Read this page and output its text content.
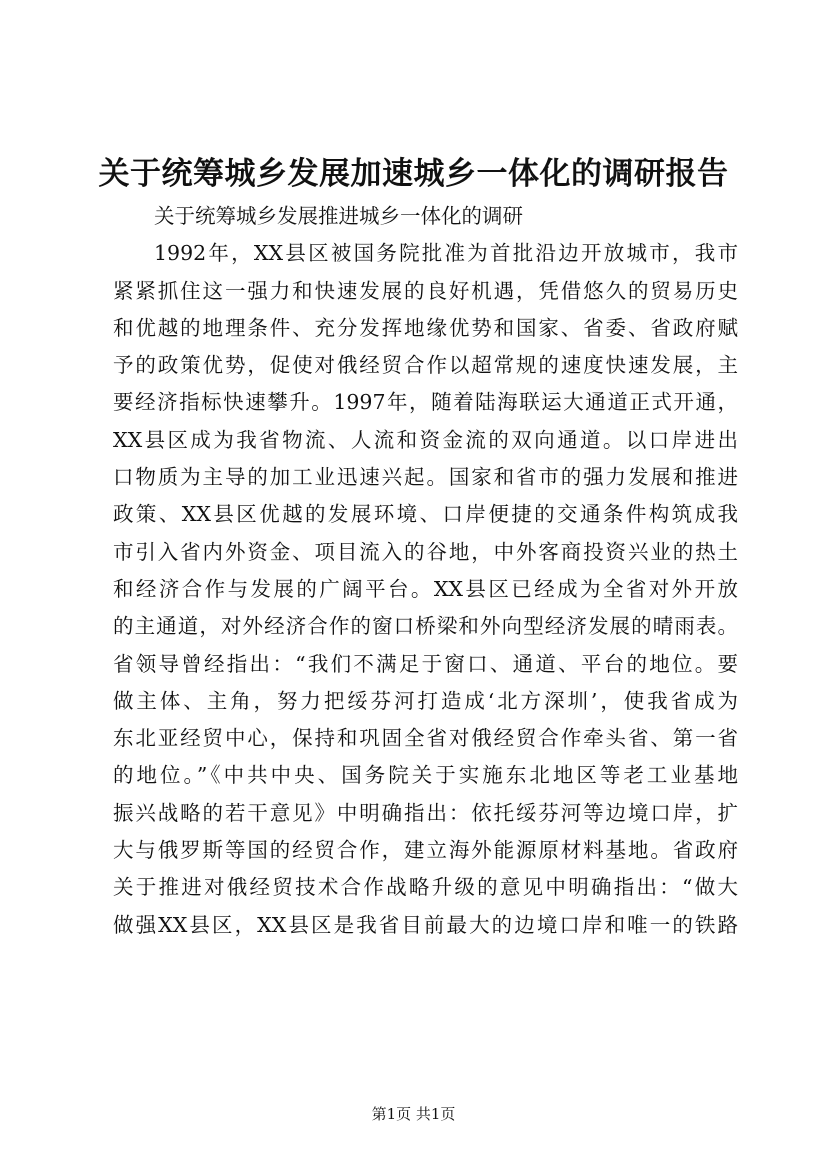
关于统筹城乡发展加速城乡一体化的调研报告
关于统筹城乡发展推进城乡一体化的调研
1992年，XX县区被国务院批准为首批沿边开放城市，我市
紧紧抓住这一强力和快速发展的良好机遇，凭借悠久的贸易历史
和优越的地理条件、充分发挥地缘优势和国家、省委、省政府赋
予的政策优势，促使对俄经贸合作以超常规的速度快速发展，主
要经济指标快速攀升。1997年，随着陆海联运大通道正式开通，
XX县区成为我省物流、人流和资金流的双向通道。以口岸进出
口物质为主导的加工业迅速兴起。国家和省市的强力发展和推进
政策、XX县区优越的发展环境、口岸便捷的交通条件构筑成我
市引入省内外资金、项目流入的谷地，中外客商投资兴业的热土
和经济合作与发展的广阔平台。XX县区已经成为全省对外开放
的主通道，对外经济合作的窗口桥梁和外向型经济发展的晴雨表。
省领导曾经指出：“我们不满足于窗口、通道、平台的地位。要
做主体、主角，努力把绥芬河打造成‘北方深圳’，使我省成为
东北亚经贸中心，保持和巩固全省对俄经贸合作牵头省、第一省
的地位。”《中共中央、国务院关于实施东北地区等老工业基地
振兴战略的若干意见》中明确指出：依托绥芬河等边境口岸，扩
大与俄罗斯等国的经贸合作，建立海外能源原材料基地。省政府
关于推进对俄经贸技术合作战略升级的意见中明确指出：“做大
做强XX县区，XX县区是我省目前最大的边境口岸和唯一的铁路
第1页 共1页
